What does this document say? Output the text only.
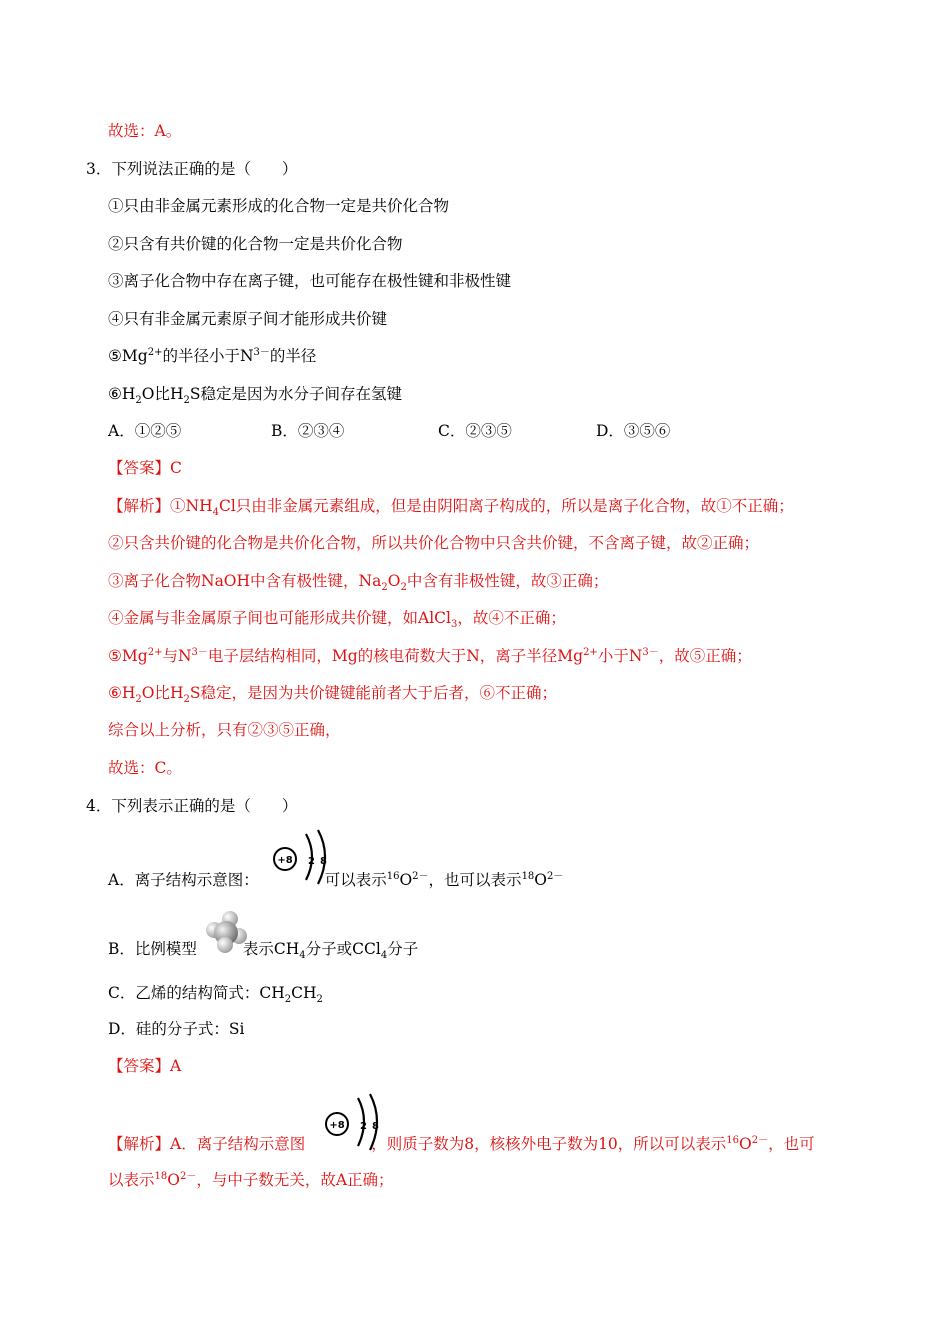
故选：A。
3．下列说法正确的是（　　）
①只由非金属元素形成的化合物一定是共价化合物
②只含有共价键的化合物一定是共价化合物
③离子化合物中存在离子键，也可能存在极性键和非极性键
④只有非金属元素原子间才能形成共价键
$⑤Mg^{2+}$的半径小于$N^{3-}$的半径
$⑥H_2O$比$H_2S$稳定是因为水分子间存在氢键
A．①②⑤	B．②③④	C．②③⑤	D．③⑤⑥
【答案】C
【解析】$①NH_4Cl$只由非金属元素组成，但是由阴阳离子构成的，所以是离子化合物，故①不正确；
②只含共价键的化合物是共价化合物，所以共价化合物中只含共价键，不含离子键，故②正确；
③离子化合物NaOH中含有极性键，$Na_2O_2$中含有非极性键，故③正确；
④金属与非金属原子间也可能形成共价键，如AlCl$_3$，故④不正确；
$⑤Mg^{2+}$与$N^{3-}$电子层结构相同，Mg的核电荷数大于N，离子半径$Mg^{2+}$小于$N^{3-}$，故⑤正确；
$⑥H_2O$比$H_2S$稳定，是因为共价键键能前者大于后者，⑥不正确；
综合以上分析，只有②③⑤正确，
故选：C。
4．下列表示正确的是（　　）
+8 2 8
A．离子结构示意图：	可以表示$^{16}O^{2-}$，也可以表示$^{18}O^{2-}$
B．比例模型	表示$CH_4$分子或CCl$_4$分子
C．乙烯的结构简式：$CH_2CH_2$
D．硅的分子式：Si
【答案】A
+8 2 8
【解析】A．离子结构示意图	，则质子数为8，核核外电子数为10，所以可以表示$^{16}O^{2-}$，也可
以表示$^{18}O^{2-}$，与中子数无关，故A正确；
